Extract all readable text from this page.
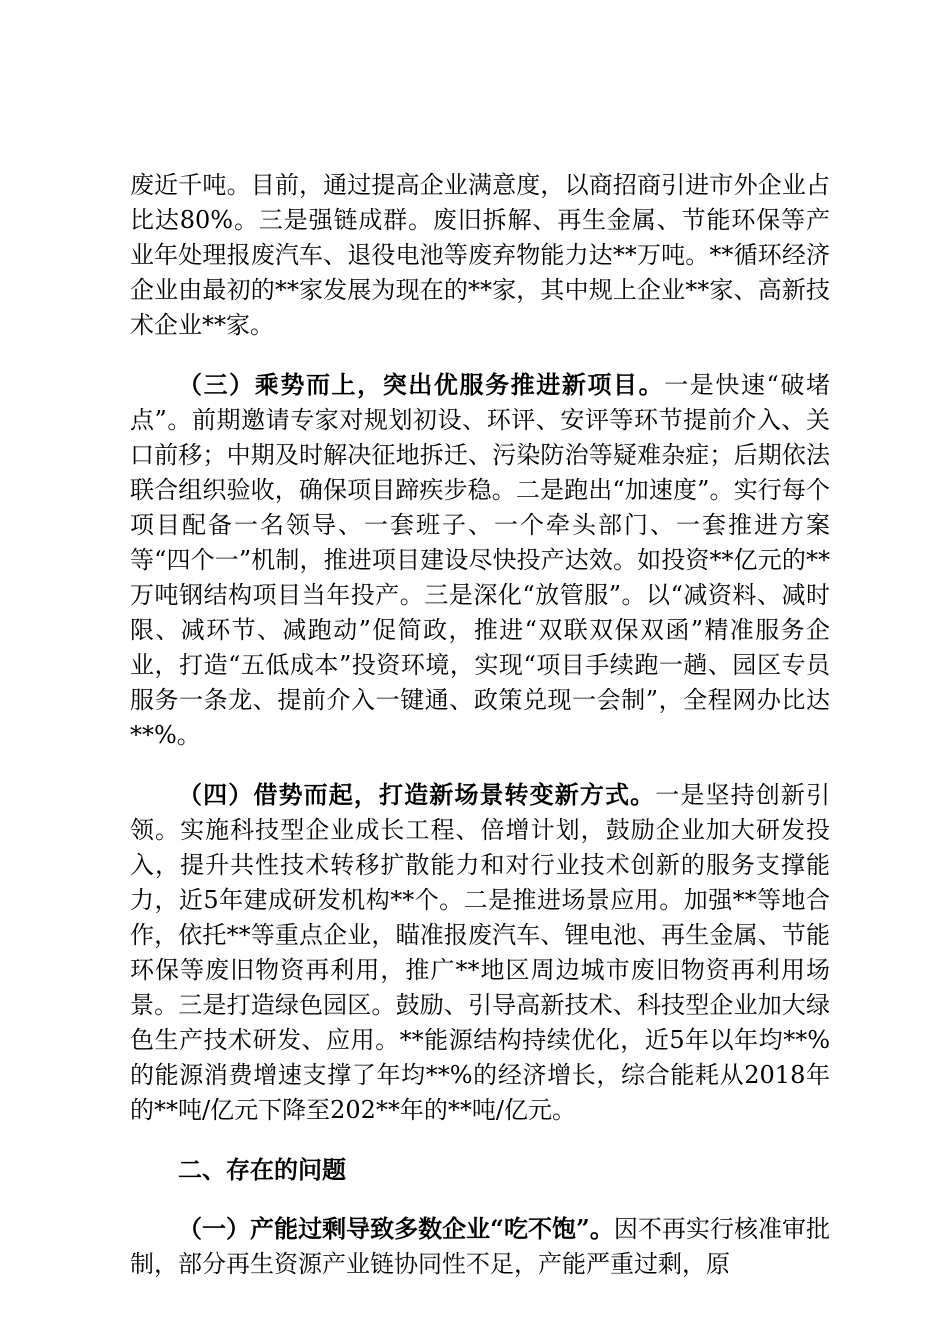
废近千吨。目前，通过提高企业满意度，以商招商引进市外企业占比达80%。三是强链成群。废旧拆解、再生金属、节能环保等产业年处理报废汽车、退役电池等废弃物能力达**万吨。**循环经济企业由最初的**家发展为现在的**家，其中规上企业**家、高新技术企业**家。

（三）乘势而上，突出优服务推进新项目。一是快速“破堵点”。前期邀请专家对规划初设、环评、安评等环节提前介入、关口前移；中期及时解决征地拆迁、污染防治等疑难杂症；后期依法联合组织验收，确保项目蹄疾步稳。二是跑出“加速度”。实行每个项目配备一名领导、一套班子、一个牵头部门、一套推进方案等“四个一”机制，推进项目建设尽快投产达效。如投资**亿元的**万吨钢结构项目当年投产。三是深化“放管服”。以“减资料、减时限、减环节、减跑动”促简政，推进“双联双保双函”精准服务企业，打造“五低成本”投资环境，实现“项目手续跑一趟、园区专员服务一条龙、提前介入一键通、政策兑现一会制”，全程网办比达**%。

（四）借势而起，打造新场景转变新方式。一是坚持创新引领。实施科技型企业成长工程、倍增计划，鼓励企业加大研发投入，提升共性技术转移扩散能力和对行业技术创新的服务支撑能力，近5年建成研发机构**个。二是推进场景应用。加强**等地合作，依托**等重点企业，瞄准报废汽车、锂电池、再生金属、节能环保等废旧物资再利用，推广**地区周边城市废旧物资再利用场景。三是打造绿色园区。鼓励、引导高新技术、科技型企业加大绿色生产技术研发、应用。**能源结构持续优化，近5年以年均**%的能源消费增速支撑了年均**%的经济增长，综合能耗从2018年的**吨/亿元下降至202**年的**吨/亿元。

二、存在的问题

（一）产能过剩导致多数企业“吃不饱”。因不再实行核准审批制，部分再生资源产业链协同性不足，产能严重过剩，原
